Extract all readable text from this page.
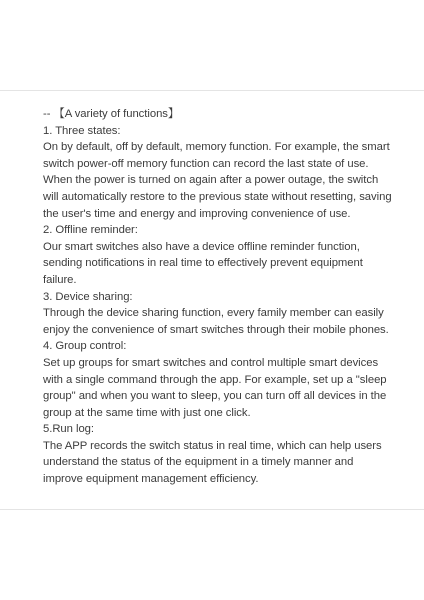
-- 【A variety of functions】
1. Three states:
On by default, off by default, memory function. For example, the smart
switch power-off memory function can record the last state of use.
When the power is turned on again after a power outage, the switch
will automatically restore to the previous state without resetting, saving
the user's time and energy and improving convenience of use.
2. Offline reminder:
Our smart switches also have a device offline reminder function,
sending notifications in real time to effectively prevent equipment
failure.
3. Device sharing:
Through the device sharing function, every family member can easily
enjoy the convenience of smart switches through their mobile phones.
4. Group control:
Set up groups for smart switches and control multiple smart devices
with a single command through the app. For example, set up a "sleep
group" and when you want to sleep, you can turn off all devices in the
group at the same time with just one click.
5.Run log:
The APP records the switch status in real time, which can help users
understand the status of the equipment in a timely manner and
improve equipment management efficiency.
